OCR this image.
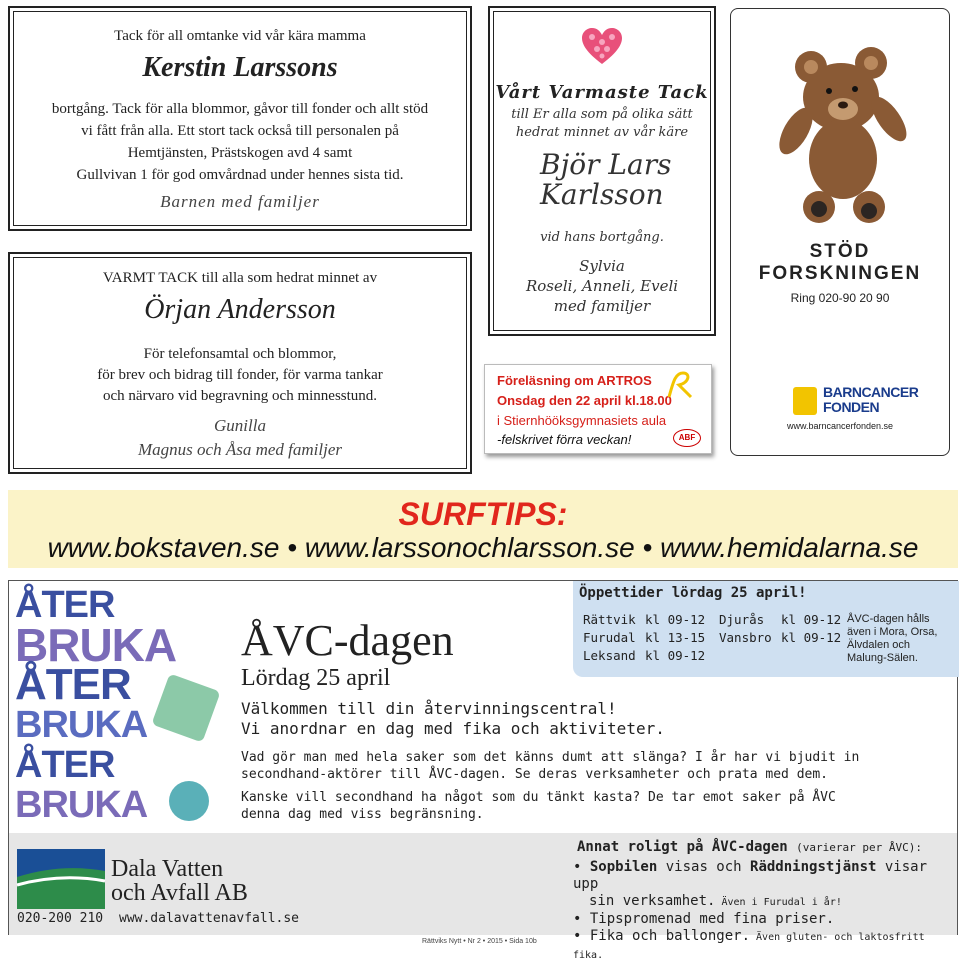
Tack för all omtanke vid vår kära mamma
Kerstin Larssons
bortgång. Tack för alla blommor, gåvor till fonder och allt stöd
vi fått från alla. Ett stort tack också till personalen på
Hemtjänsten, Prästskogen avd 4 samt
Gullvivan 1 för god omvårdnad under hennes sista tid.
Barnen med familjer
VARMT TACK till alla som hedrat minnet av
Örjan Andersson
För telefonsamtal och blommor,
för brev och bidrag till fonder, för varma tankar
och närvaro vid begravning och minnesstund.
Gunilla
Magnus och Åsa med familjer
Vårt Varmaste Tack
till Er alla som på olika sätt
hedrat minnet av vår käre
Björ Lars
Karlsson
vid hans bortgång.
Sylvia
Roseli, Anneli, Eveli
med familjer
Föreläsning om ARTROS
Onsdag den 22 april kl.18.00
i Stiernhööksgymnasiets aula
-felskrivet förra veckan!	ABF
STÖD
FORSKNINGEN
Ring 020-90 20 90
BARNCANCER
FONDEN
www.barncancerfonden.se
SURFTIPS:
www.bokstaven.se • www.larssonochlarsson.se • www.hemidalarna.se
ÅTER
BRUKA
ÅTER
BRUKA
ÅTER
BRUKA
Dala Vatten
och Avfall AB
020-200 210 www.dalavattenavfall.se
ÅVC-dagen
Lördag 25 april
Välkommen till din återvinningscentral!
Vi anordnar en dag med fika och aktiviteter.
Vad gör man med hela saker som det känns dumt att slänga? I år har vi bjudit in
secondhand-aktörer till ÅVC-dagen. Se deras verksamheter och prata med dem.
Kanske vill secondhand ha något som du tänkt kasta? De tar emot saker på ÅVC
denna dag med viss begränsning.
Öppettider lördag 25 april!
Rättvik kl 09-12
Furudal kl 13-15
Leksand kl 09-12
Djurås kl 09-12
Vansbro kl 09-12
ÅVC-dagen hålls
även i Mora, Orsa,
Älvdalen och
Malung-Sälen.
Annat roligt på ÅVC-dagen (varierar per ÅVC):
• Sopbilen visas och Räddningstjänst visar upp
sin verksamhet. Även i Furudal i år!
• Tipspromenad med fina priser.
• Fika och ballonger. Även gluten- och laktosfritt fika.
Rättviks Nytt • Nr 2 • 2015 • Sida 10b
